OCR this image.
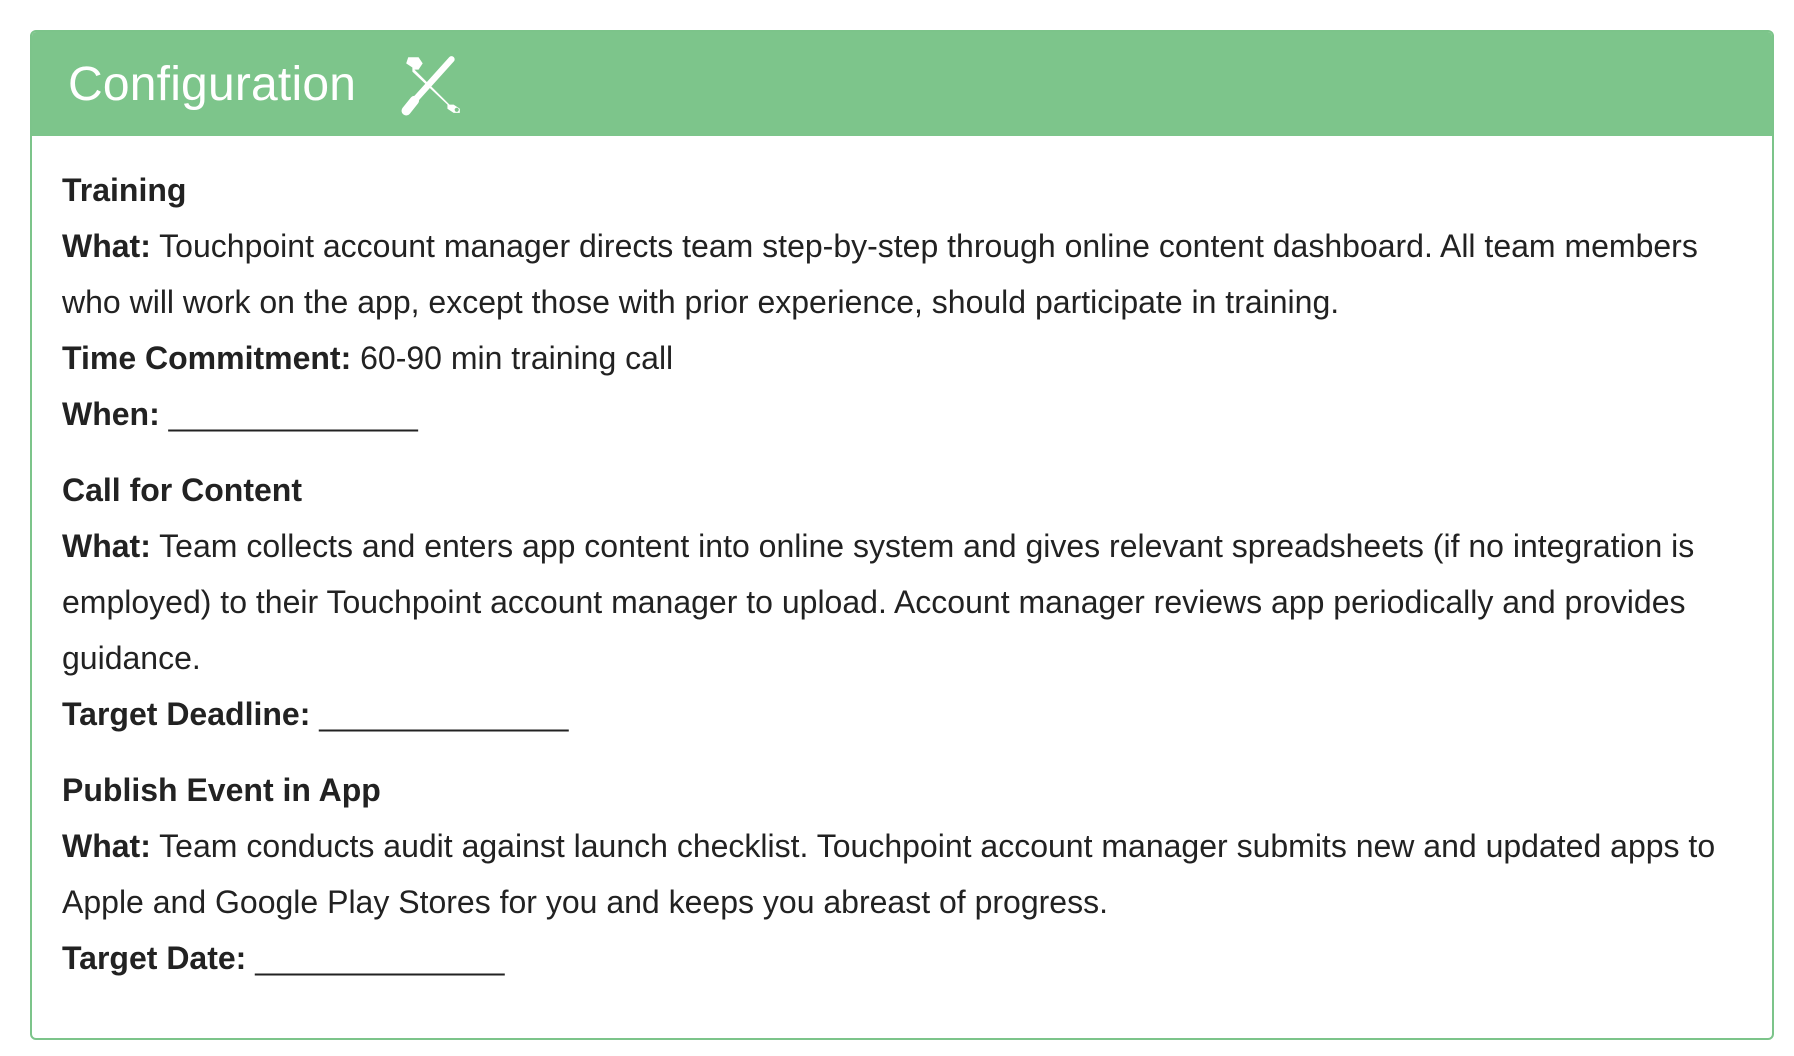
Configuration
Training
What: Touchpoint account manager directs team step-by-step through online content dashboard. All team members who will work on the app, except those with prior experience, should participate in training.
Time Commitment: 60-90 min training call
When: ______________
Call for Content
What: Team collects and enters app content into online system and gives relevant spreadsheets (if no integration is employed) to their Touchpoint account manager to upload. Account manager reviews app periodically and provides guidance.
Target Deadline: ______________
Publish Event in App
What: Team conducts audit against launch checklist. Touchpoint account manager submits new and updated apps to Apple and Google Play Stores for you and keeps you abreast of progress.
Target Date: ______________
